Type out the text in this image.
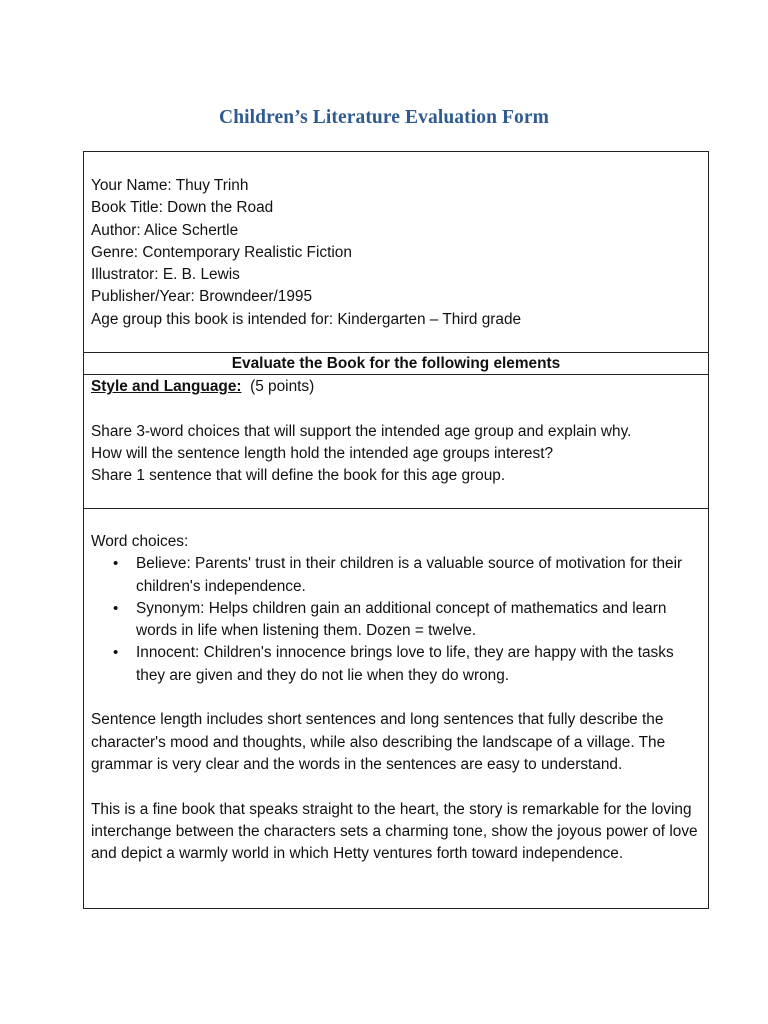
Children’s Literature Evaluation Form
Your Name: Thuy Trinh
Book Title: Down the Road
Author: Alice Schertle
Genre: Contemporary Realistic Fiction
Illustrator: E. B. Lewis
Publisher/Year: Browndeer/1995
Age group this book is intended for: Kindergarten – Third grade
Evaluate the Book for the following elements
Style and Language:  (5 points)
Share 3-word choices that will support the intended age group and explain why.
How will the sentence length hold the intended age groups interest?
Share 1 sentence that will define the book for this age group.
Word choices:
• Believe: Parents' trust in their children is a valuable source of motivation for their children's independence.
• Synonym: Helps children gain an additional concept of mathematics and learn words in life when listening them. Dozen = twelve.
• Innocent: Children's innocence brings love to life, they are happy with the tasks they are given and they do not lie when they do wrong.

Sentence length includes short sentences and long sentences that fully describe the character's mood and thoughts, while also describing the landscape of a village. The grammar is very clear and the words in the sentences are easy to understand.

This is a fine book that speaks straight to the heart, the story is remarkable for the loving interchange between the characters sets a charming tone, show the joyous power of love and depict a warmly world in which Hetty ventures forth toward independence.
